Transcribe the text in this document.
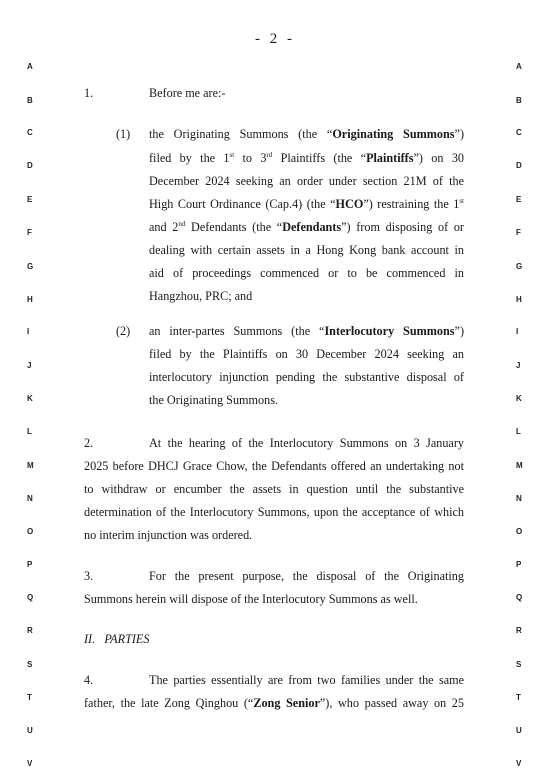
- 2 -
A
B
C
D
E
F
G
H
I
J
K
L
M
N
O
P
Q
R
S
T
U
V
A
B
C
D
E
F
G
H
I
J
K
L
M
N
O
P
Q
R
S
T
U
V
1.	Before me are:-
(1) the Originating Summons (the “Originating Summons”)
filed by the 1st to 3rd Plaintiffs (the “Plaintiffs”) on 30
December 2024 seeking an order under section 21M of the
High Court Ordinance (Cap.4) (the “HCO”) restraining the 1st
and 2nd Defendants (the “Defendants”) from disposing of or
dealing with certain assets in a Hong Kong bank account in
aid of proceedings commenced or to be commenced in
Hangzhou, PRC; and
(2) an inter-partes Summons (the “Interlocutory Summons”)
filed by the Plaintiffs on 30 December 2024 seeking an
interlocutory injunction pending the substantive disposal of
the Originating Summons.
2.	At the hearing of the Interlocutory Summons on 3 January
2025 before DHCJ Grace Chow, the Defendants offered an undertaking not
to withdraw or encumber the assets in question until the substantive
determination of the Interlocutory Summons, upon the acceptance of which
no interim injunction was ordered.
3.	For the present purpose, the disposal of the Originating
Summons herein will dispose of the Interlocutory Summons as well.
II. PARTIES
4.	The parties essentially are from two families under the same
father, the late Zong Qinghou (“Zong Senior”), who passed away on 25
